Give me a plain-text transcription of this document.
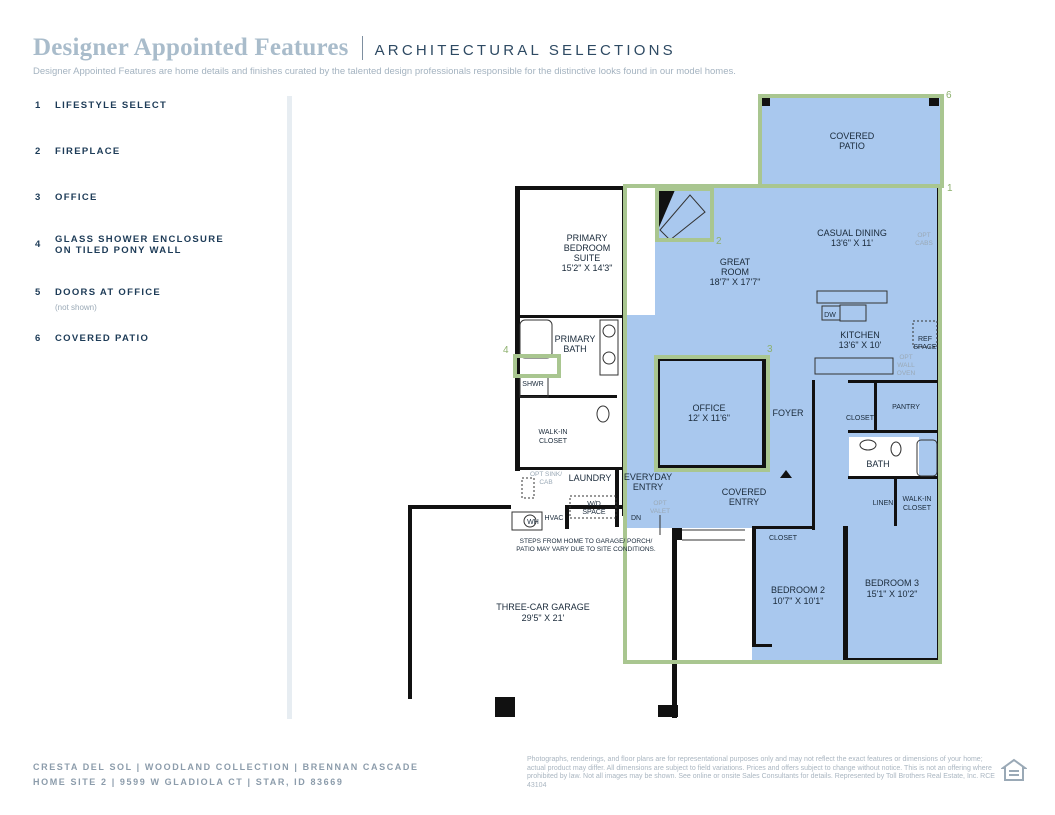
Designer Appointed Features ARCHITECTURAL SELECTIONS
Designer Appointed Features are home details and finishes curated by the talented design professionals responsible for the distinctive looks found in our model homes.
1	LIFESTYLE SELECT
2	FIREPLACE
3	OFFICE
4	GLASS SHOWER ENCLOSURE ON TILED PONY WALL
5	DOORS AT OFFICE
(not shown)
6	COVERED PATIO
6
1
2
3
4
COVERED
PATIO
CASUAL DINING
13'6" X 11'
GREAT
ROOM
18'7" X 17'7"
PRIMARY
BEDROOM
SUITE
15'2" X 14'3"
PRIMARY
BATH
KITCHEN
13'6" X 10'
OFFICE
12' X 11'6"	FOYER
BATH
LAUNDRY EVERYDAY
ENTRY	COVERED
ENTRY
BEDROOM 2
10'7" X 10'1"
BEDROOM 3
15'1" X 10'2"
THREE-CAR GARAGE
29'5" X 21'
CLOSET
PANTRY
LINEN
WALK-IN
CLOSET
WALK-IN
CLOSET
CLOSET
SHWR
DW
WH
HVAC	DN
REF
SPACE
W/D
SPACE
OPT
CABS
OPT
WALL
OVEN
OPT SINK/
CAB
OPT
VALET
STEPS FROM HOME TO GARAGE/ PORCH/
PATIO MAY VARY DUE TO SITE CONDITIONS.
CRESTA DEL SOL | WOODLAND COLLECTION | BRENNAN CASCADE
HOME SITE 2 | 9599 W GLADIOLA CT | STAR, ID 83669
Photographs, renderings, and floor plans are for representational purposes only and may not reflect the exact features or dimensions of your home; actual product may differ. All dimensions are subject to field variations. Prices and offers subject to change without notice. This is not an offering where prohibited by law. Not all images may be shown. See online or onsite Sales Consultants for details. Represented by Toll Brothers Real Estate, Inc. RCE 43104
